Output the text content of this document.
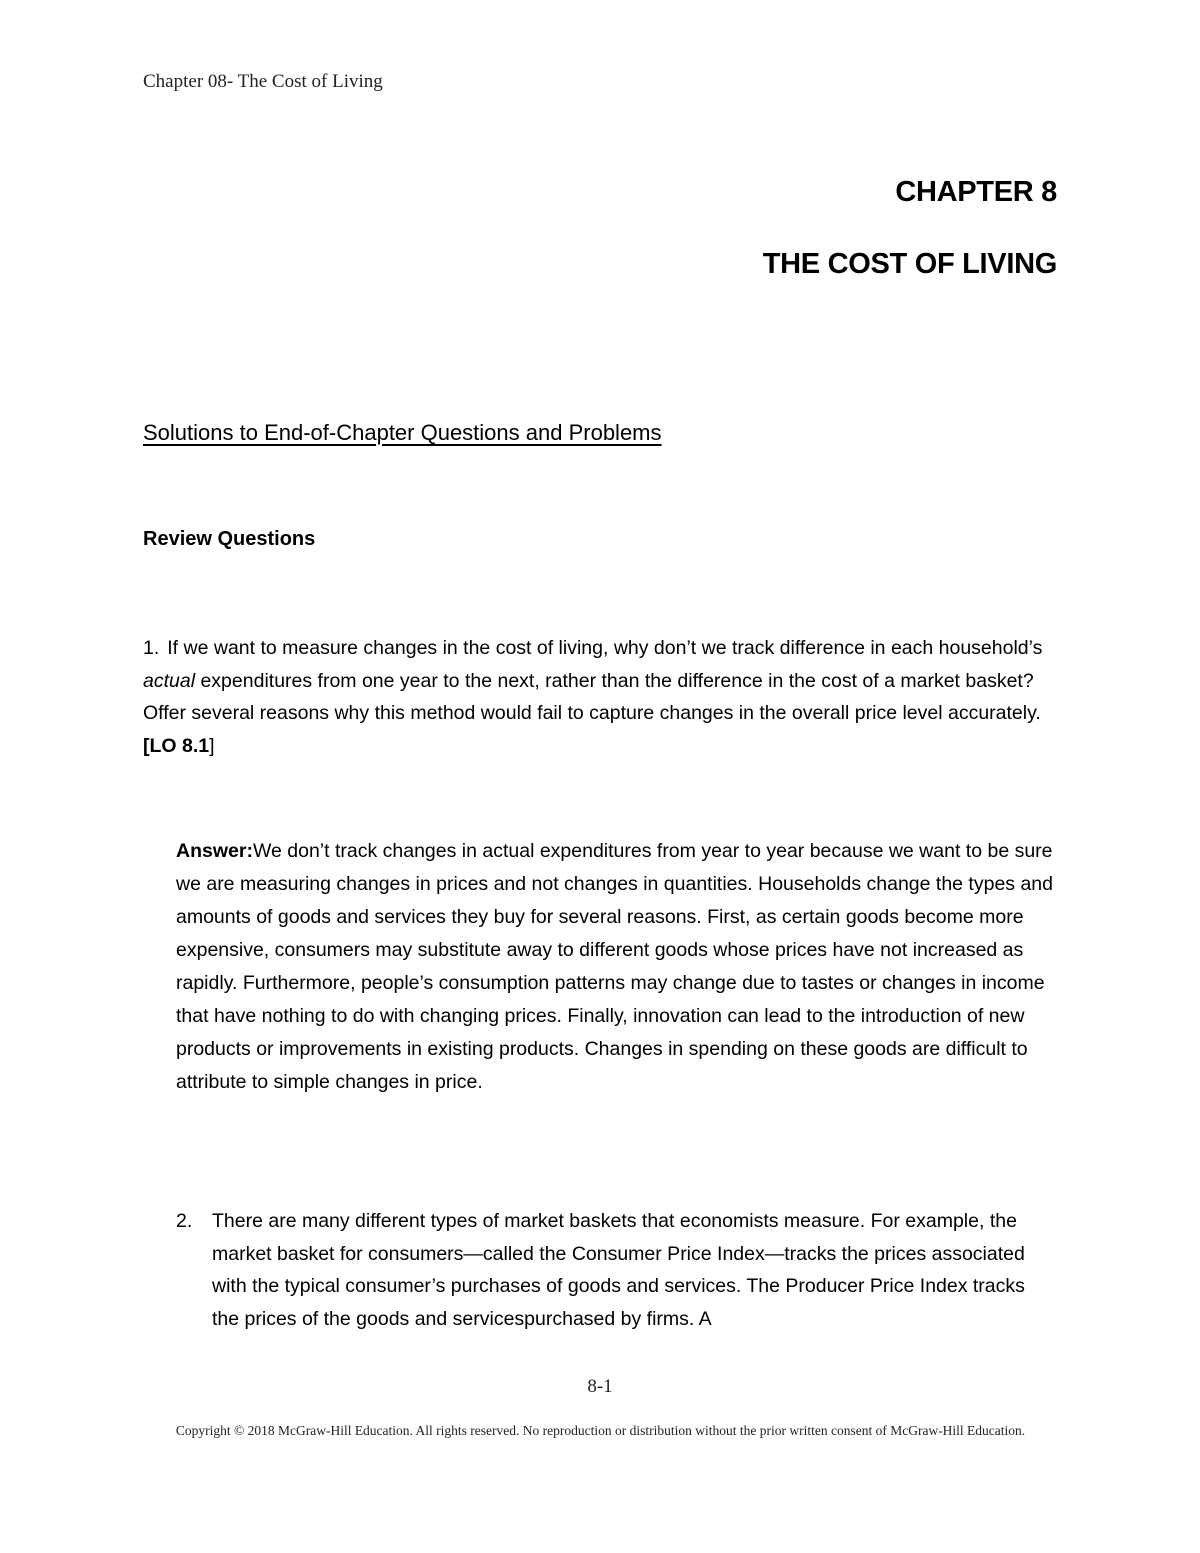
Chapter 08- The Cost of Living
CHAPTER 8
THE COST OF LIVING
Solutions to End-of-Chapter Questions and Problems
Review Questions
1. If we want to measure changes in the cost of living, why don’t we track difference in each household’s actual expenditures from one year to the next, rather than the difference in the cost of a market basket? Offer several reasons why this method would fail to capture changes in the overall price level accurately. [LO 8.1]
Answer:We don’t track changes in actual expenditures from year to year because we want to be sure we are measuring changes in prices and not changes in quantities. Households change the types and amounts of goods and services they buy for several reasons. First, as certain goods become more expensive, consumers may substitute away to different goods whose prices have not increased as rapidly. Furthermore, people’s consumption patterns may change due to tastes or changes in income that have nothing to do with changing prices. Finally, innovation can lead to the introduction of new products or improvements in existing products. Changes in spending on these goods are difficult to attribute to simple changes in price.
2.	There are many different types of market baskets that economists measure. For example, the market basket for consumers—called the Consumer Price Index—tracks the prices associated with the typical consumer’s purchases of goods and services. The Producer Price Index tracks the prices of the goods and servicespurchased by firms. A
8-1
Copyright © 2018 McGraw-Hill Education. All rights reserved. No reproduction or distribution without the prior written consent of McGraw-Hill Education.
